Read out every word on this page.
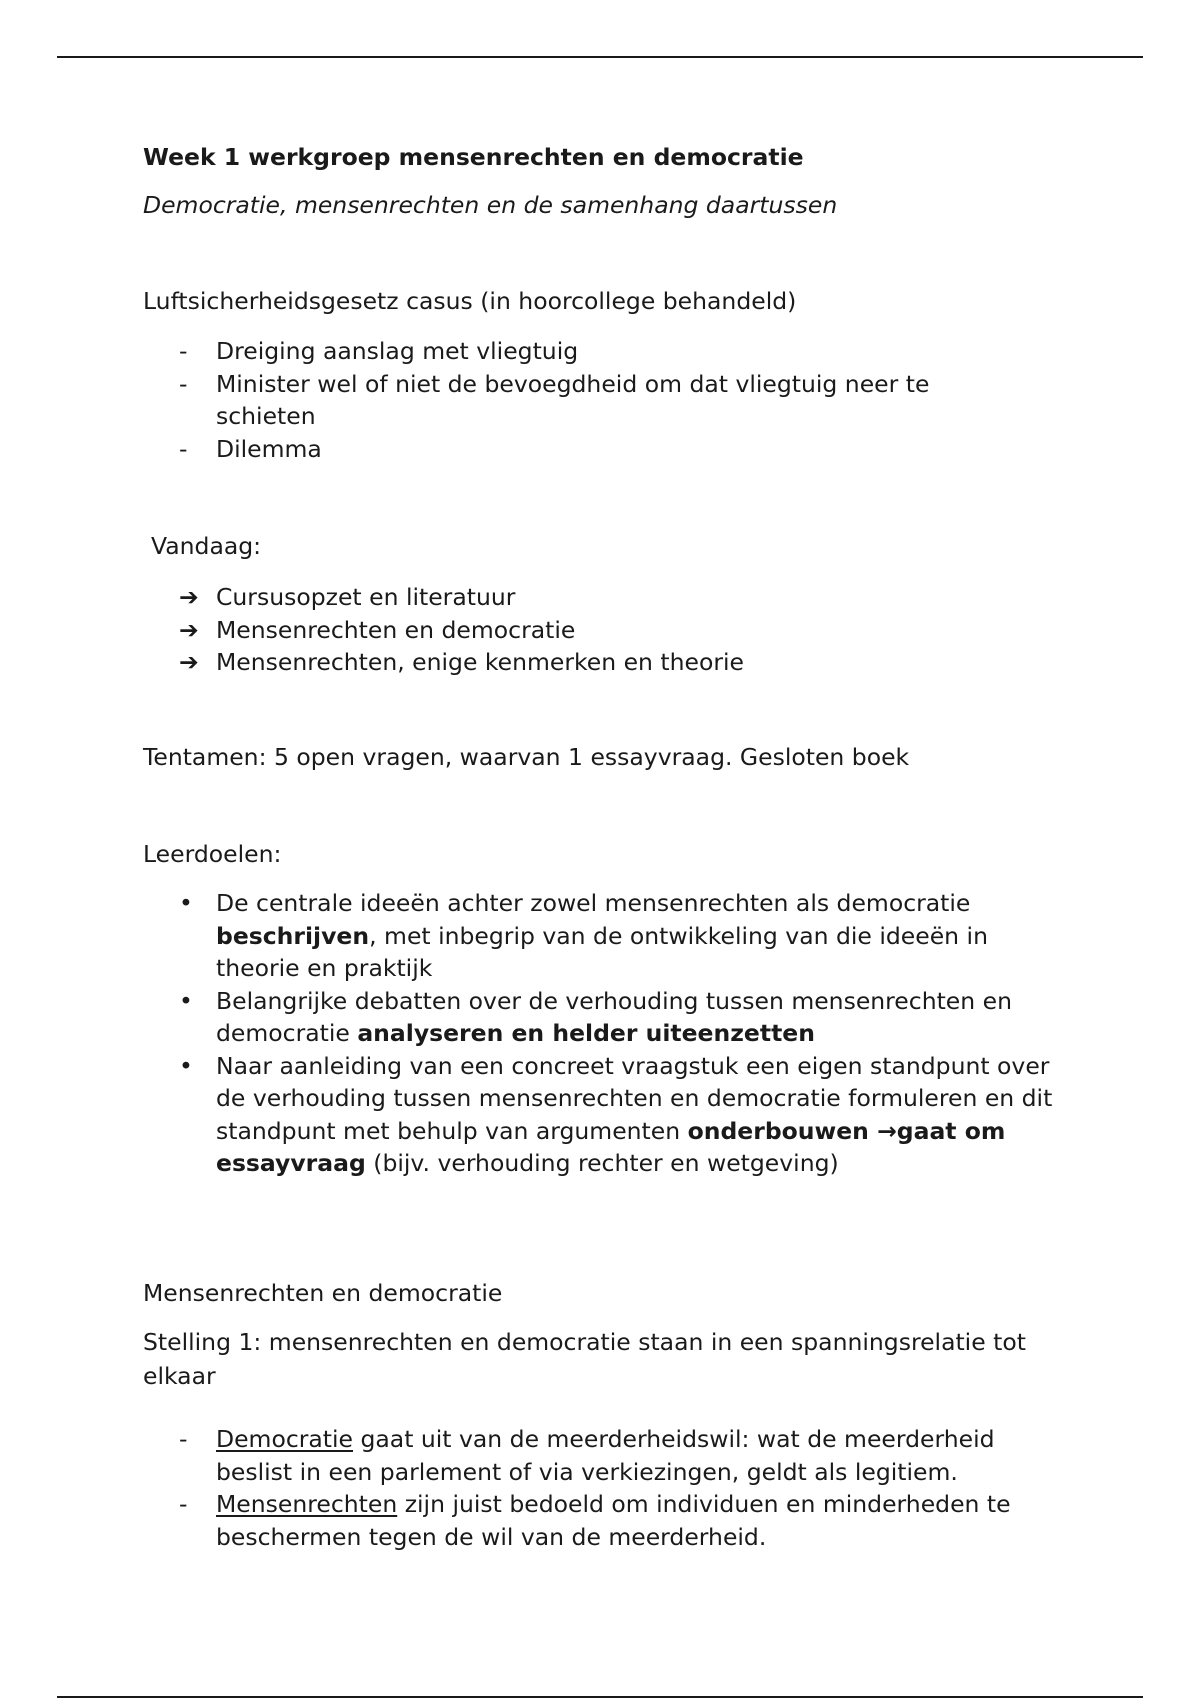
Week 1 werkgroep mensenrechten en democratie

Democratie, mensenrechten en de samenhang daartussen

Luftsicherheidsgesetz casus (in hoorcollege behandeld)

- Dreiging aanslag met vliegtuig
- Minister wel of niet de bevoegdheid om dat vliegtuig neer te schieten
- Dilemma

Vandaag:

➔ Cursusopzet en literatuur
➔ Mensenrechten en democratie
➔ Mensenrechten, enige kenmerken en theorie

Tentamen: 5 open vragen, waarvan 1 essayvraag. Gesloten boek

Leerdoelen:

• De centrale ideeën achter zowel mensenrechten als democratie beschrijven, met inbegrip van de ontwikkeling van die ideeën in theorie en praktijk
• Belangrijke debatten over de verhouding tussen mensenrechten en democratie analyseren en helder uiteenzetten
• Naar aanleiding van een concreet vraagstuk een eigen standpunt over de verhouding tussen mensenrechten en democratie formuleren en dit standpunt met behulp van argumenten onderbouwen →gaat om essayvraag (bijv. verhouding rechter en wetgeving)

Mensenrechten en democratie

Stelling 1: mensenrechten en democratie staan in een spanningsrelatie tot elkaar

- Democratie gaat uit van de meerderheidswil: wat de meerderheid beslist in een parlement of via verkiezingen, geldt als legitiem.
- Mensenrechten zijn juist bedoeld om individuen en minderheden te beschermen tegen de wil van de meerderheid.
